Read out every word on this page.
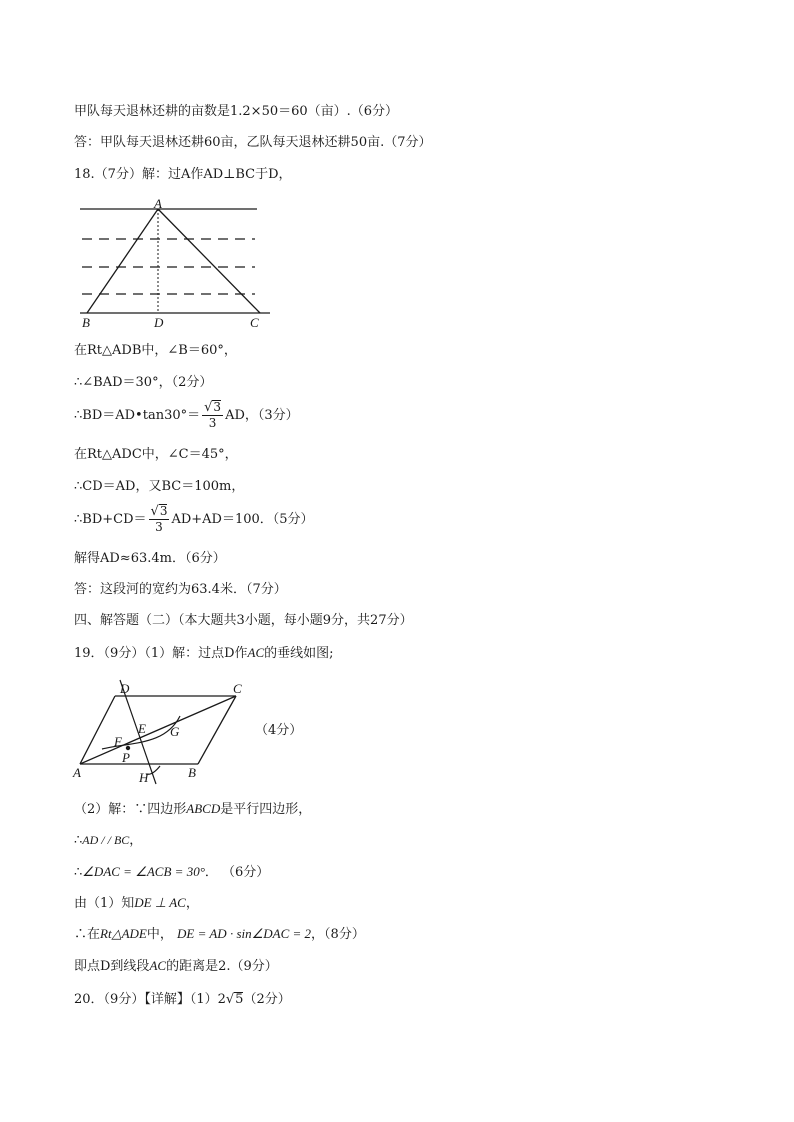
甲队每天退林还耕的亩数是1.2×50＝60（亩）.（6分）
答：甲队每天退林还耕60亩，乙队每天退林还耕50亩.（7分）
18.（7分）解：过A作AD⊥BC于D，
A
B	D	C
在Rt△ADB中，∠B＝60°，
∴∠BAD＝30°，（2分）
∴BD＝AD•tan30°＝ $\frac{√3}{3}$ AD，（3分）
在Rt△ADC中，∠C＝45°，
∴CD＝AD，又BC＝100m，
∴BD+CD＝ $\frac{√3}{3} AD+AD=100$．（5分）
解得AD≈63.4m．（6分）
答：这段河的宽约为63.4米．（7分）
四、解答题（二）（本大题共3小题，每小题9分，共27分）
19．（9分）（1）解：过点D作AC的垂线如图;
D	C
E G
F
P
A	H	B
（4分）
（2）解：∵四边形ABCD是平行四边形，
∴AD / / BC，
∴∠DAC = ∠ACB = 30°． （6分）
由（1）知DE ⊥ AC，
∴在Rt△ADE中， DE = AD · sin∠DAC = 2，（8分）
即点D到线段AC的距离是2.（9分）
20．（9分）【详解】（1）2√5（2分）
